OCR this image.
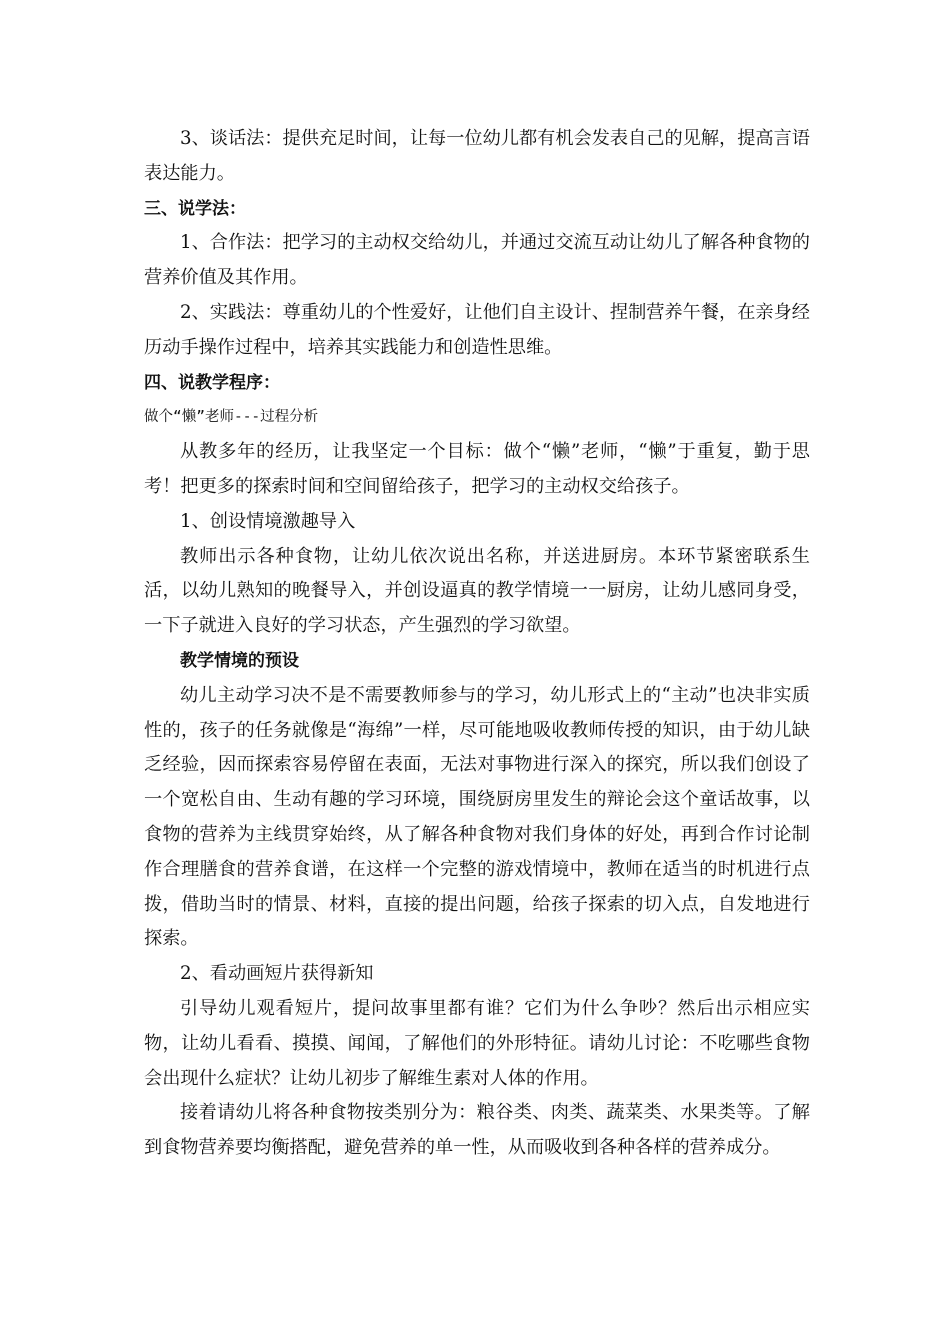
3、谈话法：提供充足时间，让每一位幼儿都有机会发表自己的见解，提高言语表达能力。

三、说学法：

1、合作法：把学习的主动权交给幼儿，并通过交流互动让幼儿了解各种食物的营养价值及其作用。

2、实践法：尊重幼儿的个性爱好，让他们自主设计、捏制营养午餐，在亲身经历动手操作过程中，培养其实践能力和创造性思维。

四、说教学程序：

做个“懒”老师---过程分析

从教多年的经历，让我坚定一个目标：做个“懒”老师，“懒”于重复，勤于思考！把更多的探索时间和空间留给孩子，把学习的主动权交给孩子。

1、创设情境激趣导入

教师出示各种食物，让幼儿依次说出名称，并送进厨房。本环节紧密联系生活，以幼儿熟知的晚餐导入，并创设逼真的教学情境一一厨房，让幼儿感同身受，一下子就进入良好的学习状态，产生强烈的学习欲望。

教学情境的预设

幼儿主动学习决不是不需要教师参与的学习，幼儿形式上的“主动”也决非实质性的，孩子的任务就像是“海绵”一样，尽可能地吸收教师传授的知识，由于幼儿缺乏经验，因而探索容易停留在表面，无法对事物进行深入的探究，所以我们创设了一个宽松自由、生动有趣的学习环境，围绕厨房里发生的辩论会这个童话故事，以食物的营养为主线贯穿始终，从了解各种食物对我们身体的好处，再到合作讨论制作合理膳食的营养食谱，在这样一个完整的游戏情境中，教师在适当的时机进行点拨，借助当时的情景、材料，直接的提出问题，给孩子探索的切入点，自发地进行探索。

2、看动画短片获得新知

引导幼儿观看短片，提问故事里都有谁？它们为什么争吵？然后出示相应实物，让幼儿看看、摸摸、闻闻，了解他们的外形特征。请幼儿讨论：不吃哪些食物会出现什么症状？让幼儿初步了解维生素对人体的作用。

接着请幼儿将各种食物按类别分为：粮谷类、肉类、蔬菜类、水果类等。了解到食物营养要均衡搭配，避免营养的单一性，从而吸收到各种各样的营养成分。
